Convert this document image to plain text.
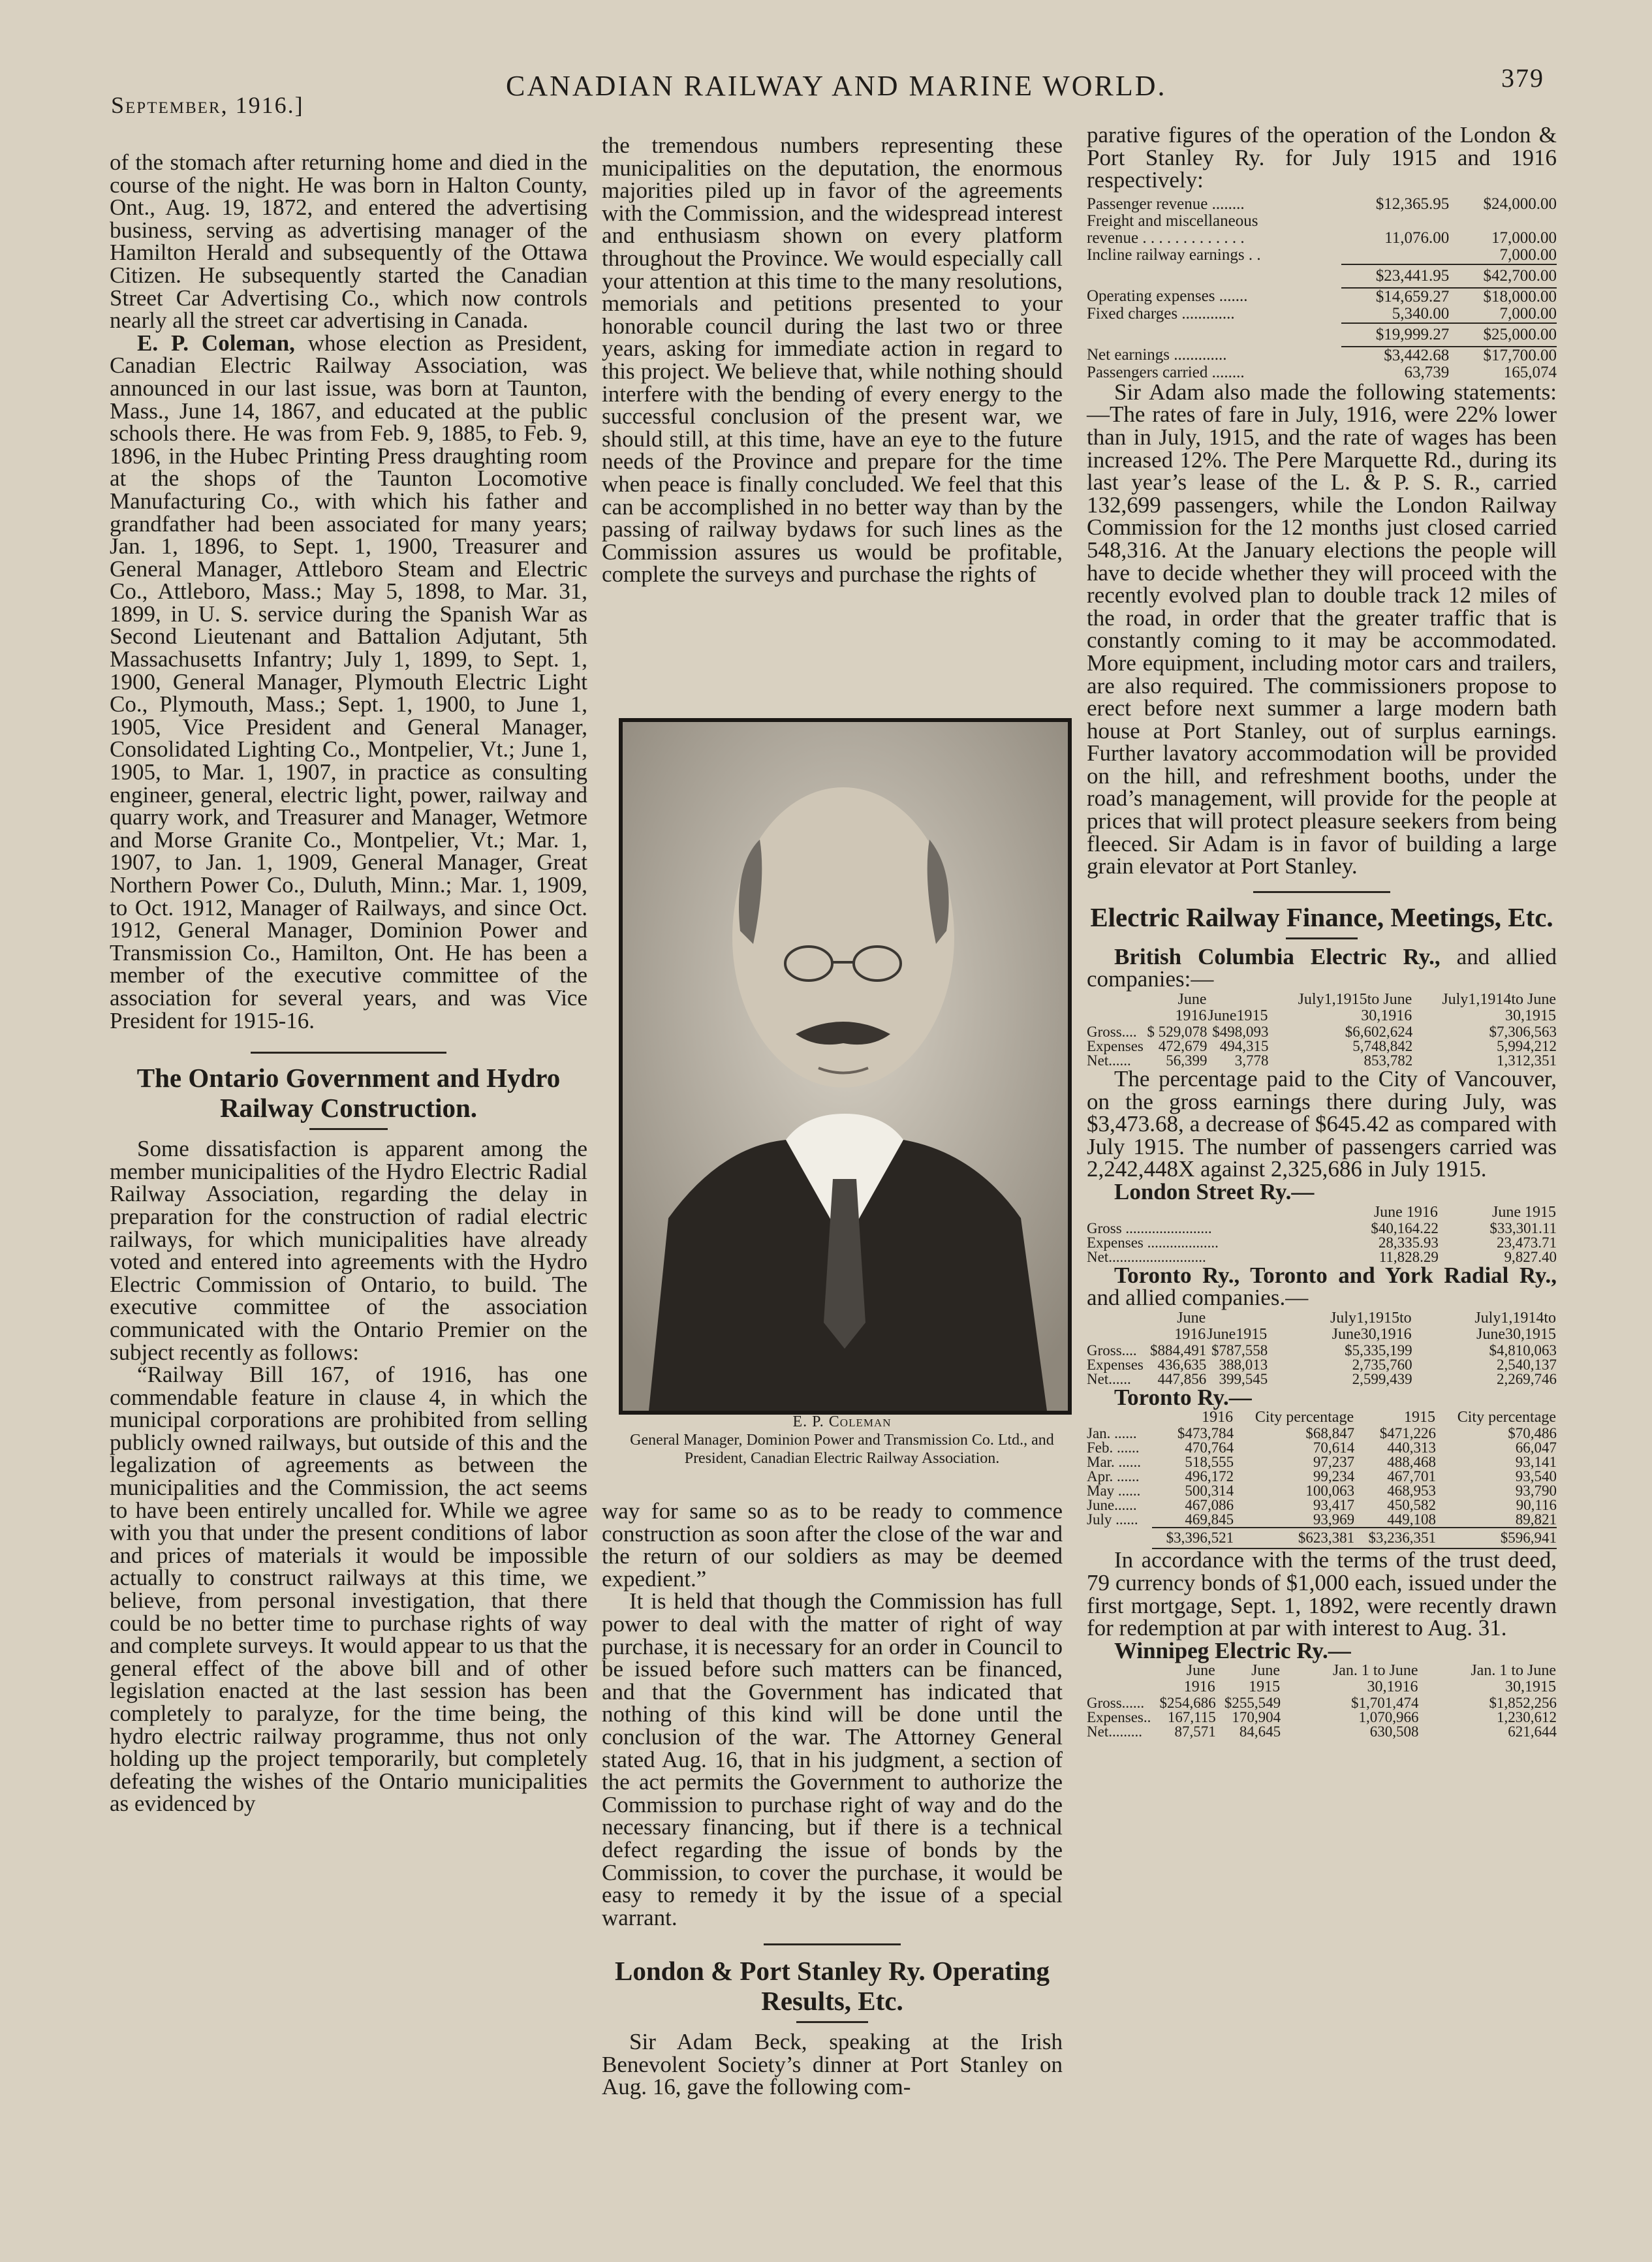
September, 1916.]
CANADIAN RAILWAY AND MARINE WORLD.	379

of the stomach after returning home and died in the course of the night. He was born in Halton County, Ont., Aug. 19, 1872, and entered the advertising business, serving as advertising manager of the Hamilton Herald and subsequently of the Ottawa Citizen. He subsequently started the Canadian Street Car Advertising Co., which now controls nearly all the street car advertising in Canada.

E. P. Coleman, whose election as President, Canadian Electric Railway Association, was announced in our last issue, was born at Taunton, Mass., June 14, 1867, and educated at the public schools there. He was from Feb. 9, 1885, to Feb. 9, 1896, in the Hubec Printing Press draughting room at the shops of the Taunton Locomotive Manufacturing Co., with which his father and grandfather had been associated for many years; Jan. 1, 1896, to Sept. 1, 1900, Treasurer and General Manager, Attleboro Steam and Electric Co., Attleboro, Mass.; May 5, 1898, to Mar. 31, 1899, in U. S. service during the Spanish War as Second Lieutenant and Battalion Adjutant, 5th Massachusetts Infantry; July 1, 1899, to Sept. 1, 1900, General Manager, Plymouth Electric Light Co., Plymouth, Mass.; Sept. 1, 1900, to June 1, 1905, Vice President and General Manager, Consolidated Lighting Co., Montpelier, Vt.; June 1, 1905, to Mar. 1, 1907, in practice as consulting engineer, general, electric light, power, railway and quarry work, and Treasurer and Manager, Wetmore and Morse Granite Co., Montpelier, Vt.; Mar. 1, 1907, to Jan. 1, 1909, General Manager, Great Northern Power Co., Duluth, Minn.; Mar. 1, 1909, to Oct. 1912, Manager of Railways, and since Oct. 1912, General Manager, Dominion Power and Transmission Co., Hamilton, Ont. He has been a member of the executive committee of the association for several years, and was Vice President for 1915-16.

The Ontario Government and Hydro Railway Construction.

Some dissatisfaction is apparent among the member municipalities of the Hydro Electric Radial Railway Association, regarding the delay in preparation for the construction of radial electric railways, for which municipalities have already voted and entered into agreements with the Hydro Electric Commission of Ontario, to build. The executive committee of the association communicated with the Ontario Premier on the subject recently as follows:

“Railway Bill 167, of 1916, has one commendable feature in clause 4, in which the municipal corporations are prohibited from selling publicly owned railways, but outside of this and the legalization of agreements as between the municipalities and the Commission, the act seems to have been entirely uncalled for. While we agree with you that under the present conditions of labor and prices of materials it would be impossible actually to construct railways at this time, we believe, from personal investigation, that there could be no better time to purchase rights of way and complete surveys. It would appear to us that the general effect of the above bill and of other legislation enacted at the last session has been completely to paralyze, for the time being, the hydro electric railway programme, thus not only holding up the project temporarily, but completely defeating the wishes of the Ontario municipalities as evidenced by

the tremendous numbers representing these municipalities on the deputation, the enormous majorities piled up in favor of the agreements with the Commission, and the widespread interest and enthusiasm shown on every platform throughout the Province. We would especially call your attention at this time to the many resolutions, memorials and petitions presented to your honorable council during the last two or three years, asking for immediate action in regard to this project. We believe that, while nothing should interfere with the bending of every energy to the successful conclusion of the present war, we should still, at this time, have an eye to the future needs of the Province and prepare for the time when peace is finally concluded. We feel that this can be accomplished in no better way than by the passing of railway bydaws for such lines as the Commission assures us would be profitable, complete the surveys and purchase the rights of

E. P. Coleman
General Manager, Dominion Power and Transmission Co. Ltd., and President, Canadian Electric Railway Association.

way for same so as to be ready to commence construction as soon after the close of the war and the return of our soldiers as may be deemed expedient.”

It is held that though the Commission has full power to deal with the matter of right of way purchase, it is necessary for an order in Council to be issued before such matters can be financed, and that the Government has indicated that nothing of this kind will be done until the conclusion of the war. The Attorney General stated Aug. 16, that in his judgment, a section of the act permits the Government to authorize the Commission to purchase right of way and do the necessary financing, but if there is a technical defect regarding the issue of bonds by the Commission, to cover the purchase, it would be easy to remedy it by the issue of a special warrant.

London & Port Stanley Ry. Operating Results, Etc.

Sir Adam Beck, speaking at the Irish Benevolent Society’s dinner at Port Stanley on Aug. 16, gave the following com-

parative figures of the operation of the London & Port Stanley Ry. for July 1915 and 1916 respectively:

Passenger revenue ........	$12,365.95	$24,000.00
Freight and miscellaneous		
revenue . . . . . . . . . . . . .	11,076.00	17,000.00
Incline railway earnings . .		7,000.00
	$23,441.95	$42,700.00
Operating expenses .......	$14,659.27	$18,000.00
Fixed charges .............	5,340.00	7,000.00
	$19,999.27	$25,000.00
Net earnings .............	$3,442.68	$17,700.00
Passengers carried ........	63,739	165,074

Sir Adam also made the following statements:—The rates of fare in July, 1916, were 22% lower than in July, 1915, and the rate of wages has been increased 12%. The Pere Marquette Rd., during its last year’s lease of the L. & P. S. R., carried 132,699 passengers, while the London Railway Commission for the 12 months just closed carried 548,316. At the January elections the people will have to decide whether they will proceed with the recently evolved plan to double track 12 miles of the road, in order that the greater traffic that is constantly coming to it may be accommodated. More equipment, including motor cars and trailers, are also required. The commissioners propose to erect before next summer a large modern bath house at Port Stanley, out of surplus earnings. Further lavatory accommodation will be provided on the hill, and refreshment booths, under the road’s management, will provide for the people at prices that will protect pleasure seekers from being fleeced. Sir Adam is in favor of building a large grain elevator at Port Stanley.

Electric Railway Finance, Meetings, Etc.

British Columbia Electric Ry., and allied companies:—

	June 1916	June1915	July1,1915to June 30,1916	July1,1914to June 30,1915
Gross....	$ 529,078	$498,093	$6,602,624	$7,306,563
Expenses	472,679	494,315	5,748,842	5,994,212
Net......	56,399	3,778	853,782	1,312,351

The percentage paid to the City of Vancouver, on the gross earnings there during July, was $3,473.68, a decrease of $645.42 as compared with July 1915. The number of passengers carried was 2,242,448X against 2,325,686 in July 1915.

London Street Ry.—

	June 1916	June 1915
Gross .......................	$40,164.22	$33,301.11
Expenses ...................	28,335.93	23,473.71
Net..........................	11,828.29	9,827.40

Toronto Ry., Toronto and York Radial Ry., and allied companies.—

	June 1916	June1915	July1,1915to June30,1916	July1,1914to June30,1915
Gross....	$884,491	$787,558	$5,335,199	$4,810,063
Expenses	436,635	388,013	2,735,760	2,540,137
Net......	447,856	399,545	2,599,439	2,269,746

Toronto Ry.—

	1916	City percentage	1915	City percentage
Jan. ......	$473,784	$68,847	$471,226	$70,486
Feb. ......	470,764	70,614	440,313	66,047
Mar. ......	518,555	97,237	488,468	93,141
Apr. ......	496,172	99,234	467,701	93,540
May ......	500,314	100,063	468,953	93,790
June......	467,086	93,417	450,582	90,116
July ......	469,845	93,969	449,108	89,821
	$3,396,521	$623,381	$3,236,351	$596,941

In accordance with the terms of the trust deed, 79 currency bonds of $1,000 each, issued under the first mortgage, Sept. 1, 1892, were recently drawn for redemption at par with interest to Aug. 31.

Winnipeg Electric Ry.—

	June 1916	June 1915	Jan. 1 to June 30,1916	Jan. 1 to June 30,1915
Gross......	$254,686	$255,549	$1,701,474	$1,852,256
Expenses..	167,115	170,904	1,070,966	1,230,612
Net.........	87,571	84,645	630,508	621,644
